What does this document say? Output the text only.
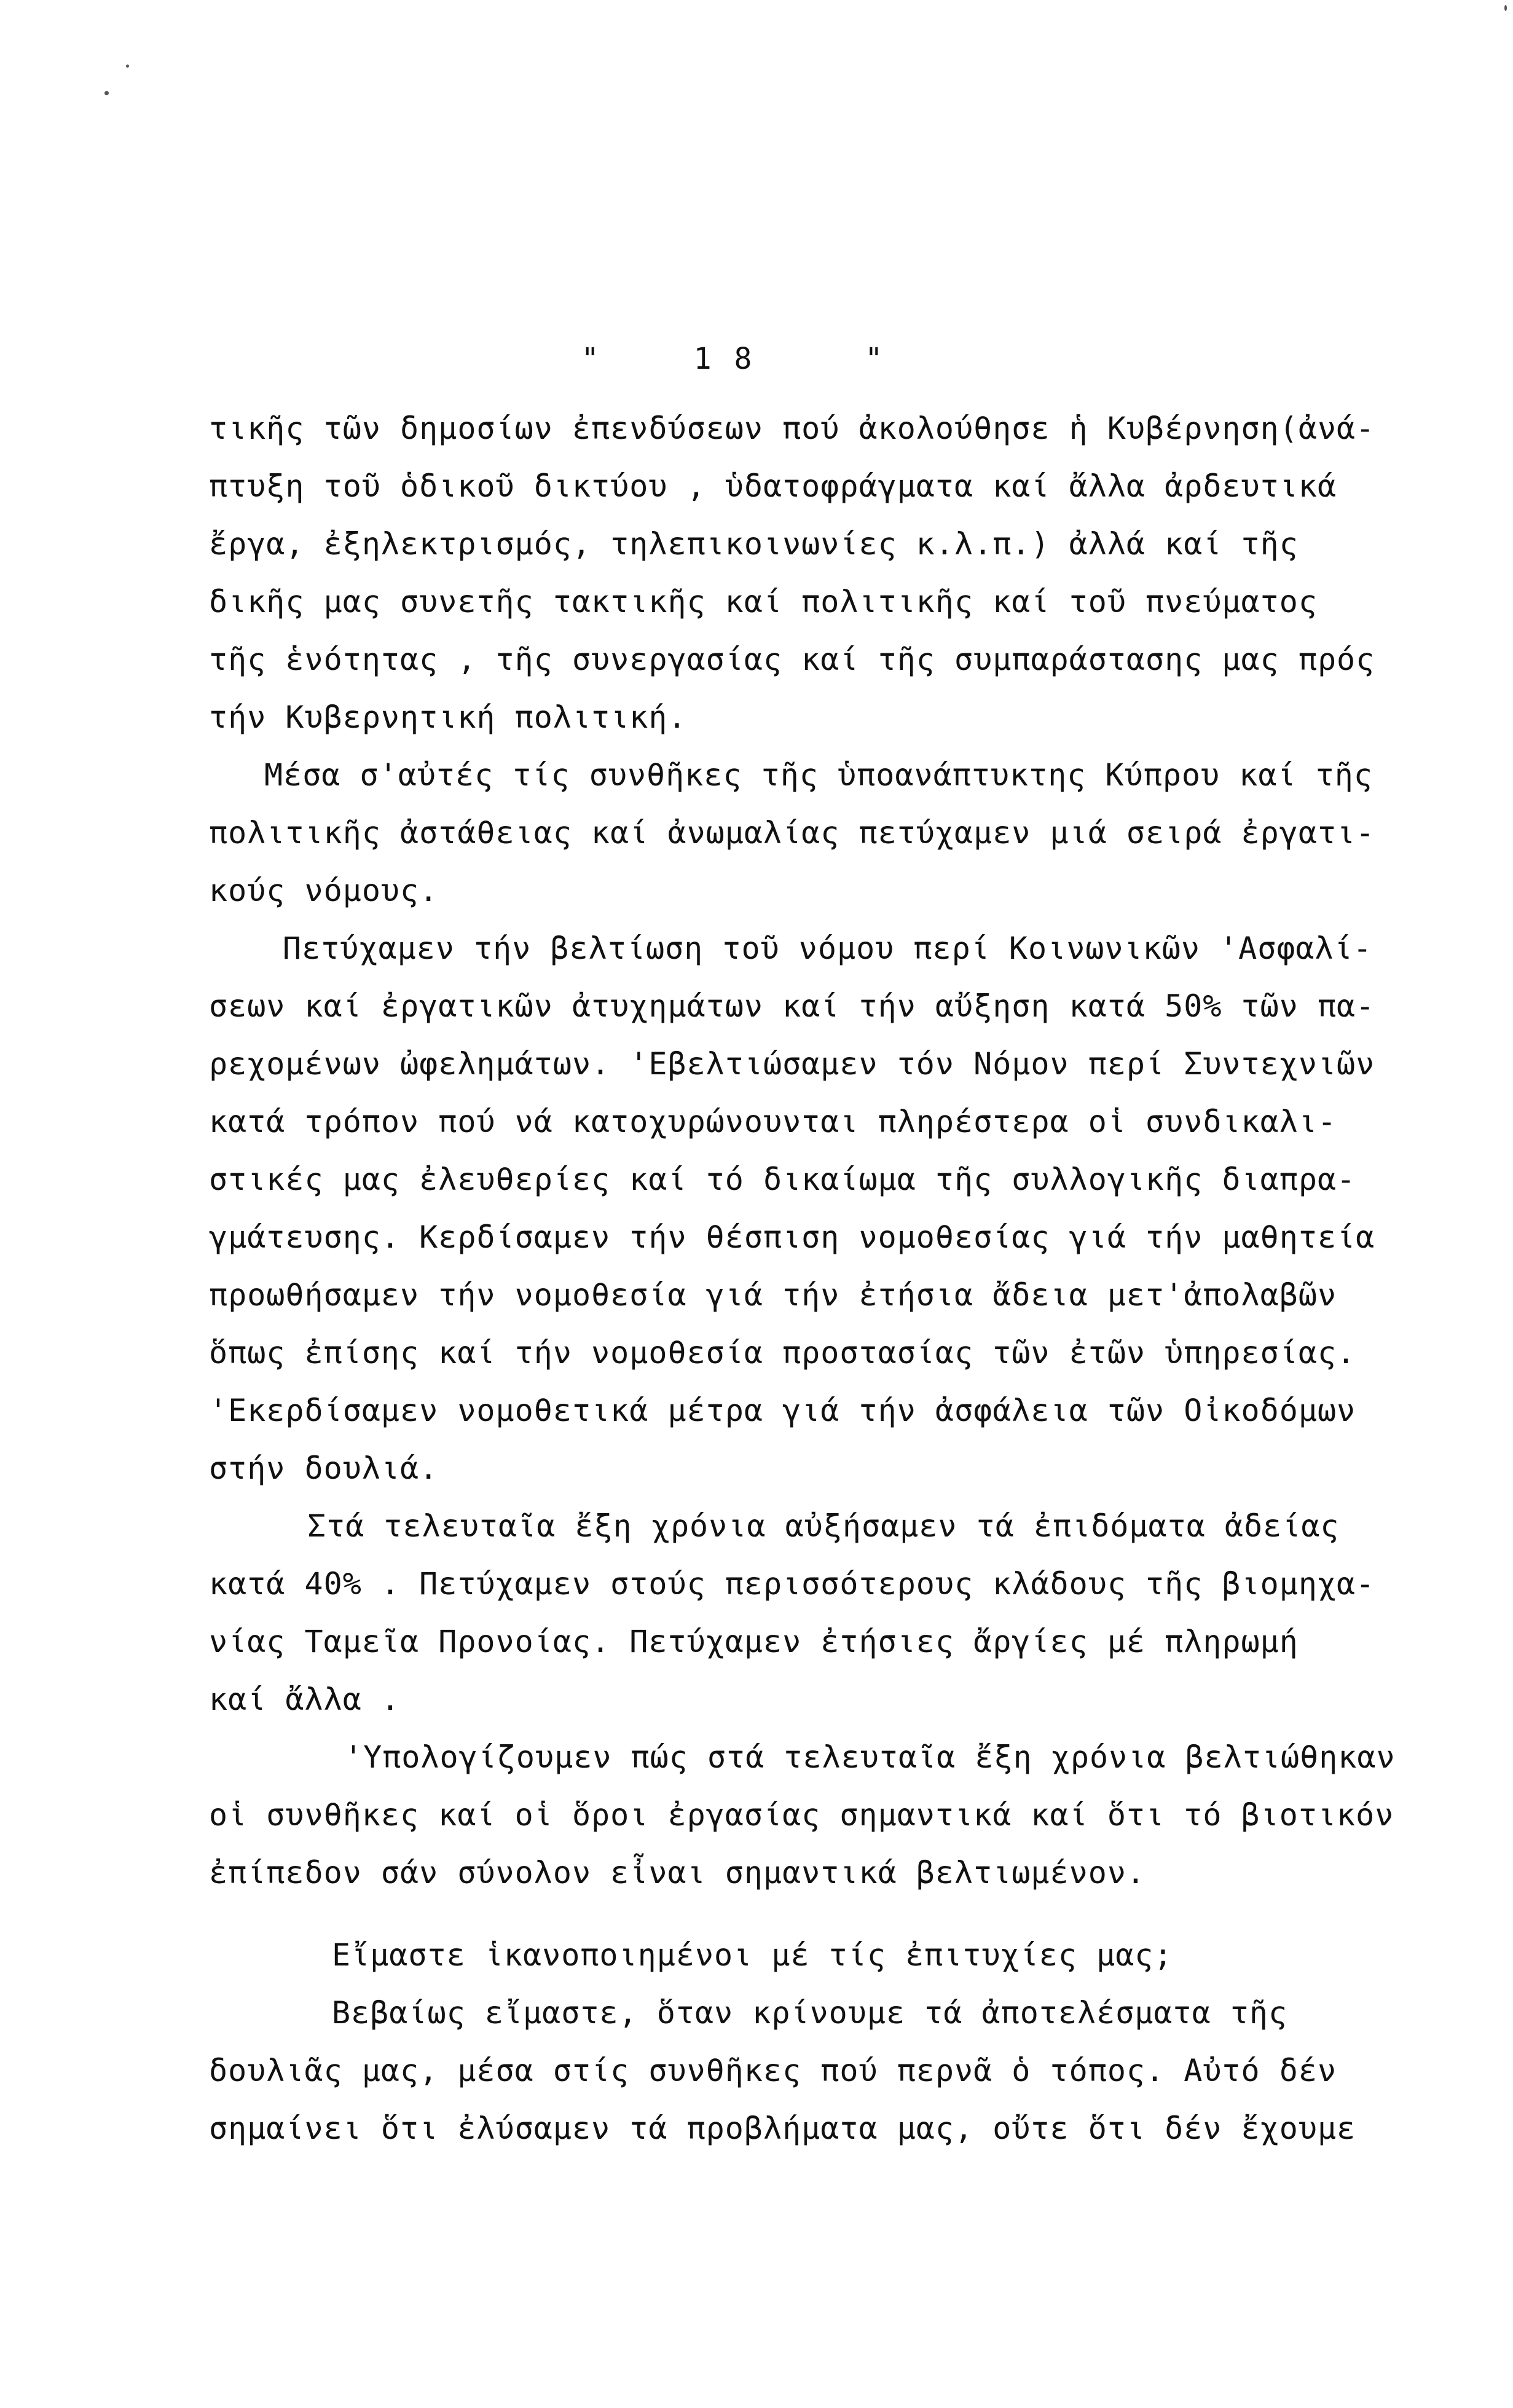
"	1 8	"

τικῆς τῶν δημοσίων ἐπενδύσεων πού ἀκολούθησε ἡ Κυβέρνηση(ἀνά-
πτυξη τοῦ ὁδικοῦ δικτύου , ὑδατοφράγματα καί ἄλλα ἀρδευτικά
ἔργα, ἐξηλεκτρισμός, τηλεπικοινωνίες κ.λ.π.) ἀλλά καί τῆς
δικῆς μας συνετῆς τακτικῆς καί πολιτικῆς καί τοῦ πνεύματος
τῆς ἑνότητας , τῆς συνεργασίας καί τῆς συμπαράστασης μας πρός
τήν Κυβερνητική πολιτική.
Μέσα σ'αὐτές τίς συνθῆκες τῆς ὑποανάπτυκτης Κύπρου καί τῆς
πολιτικῆς ἀστάθειας καί ἀνωμαλίας πετύχαμεν μιά σειρά ἐργατι-
κούς νόμους.
Πετύχαμεν τήν βελτίωση τοῦ νόμου περί Κοινωνικῶν 'Ασφαλί-
σεων καί ἐργατικῶν ἀτυχημάτων καί τήν αὔξηση κατά 50% τῶν πα-
ρεχομένων ὠφελημάτων. 'Εβελτιώσαμεν τόν Νόμον περί Συντεχνιῶν
κατά τρόπον πού νά κατοχυρώνουνται πληρέστερα οἱ συνδικαλι-
στικές μας ἐλευθερίες καί τό δικαίωμα τῆς συλλογικῆς διαπρα-
γμάτευσης. Κερδίσαμεν τήν θέσπιση νομοθεσίας γιά τήν μαθητεία
προωθήσαμεν τήν νομοθεσία γιά τήν ἐτήσια ἄδεια μετ'ἀπολαβῶν
ὅπως ἐπίσης καί τήν νομοθεσία προστασίας τῶν ἐτῶν ὑπηρεσίας.
'Εκερδίσαμεν νομοθετικά μέτρα γιά τήν ἀσφάλεια τῶν Οἰκοδόμων
στήν δουλιά.
Στά τελευταῖα ἔξη χρόνια αὐξήσαμεν τά ἐπιδόματα ἀδείας
κατά 40% . Πετύχαμεν στούς περισσότερους κλάδους τῆς βιομηχα-
νίας Ταμεῖα Προνοίας. Πετύχαμεν ἐτήσιες ἄργίες μέ πληρωμή
καί ἄλλα .
'Υπολογίζουμεν πώς στά τελευταῖα ἔξη χρόνια βελτιώθηκαν
οἱ συνθῆκες καί οἱ ὅροι ἐργασίας σημαντικά καί ὅτι τό βιοτικόν
ἐπίπεδον σάν σύνολον εἶναι σημαντικά βελτιωμένον.
Εἴμαστε ἱκανοποιημένοι μέ τίς ἐπιτυχίες μας;
Βεβαίως εἴμαστε, ὅταν κρίνουμε τά ἀποτελέσματα τῆς
δουλιᾶς μας, μέσα στίς συνθῆκες πού περνᾶ ὁ τόπος. Αὐτό δέν
σημαίνει ὅτι ἐλύσαμεν τά προβλήματα μας, οὔτε ὅτι δέν ἔχουμε
